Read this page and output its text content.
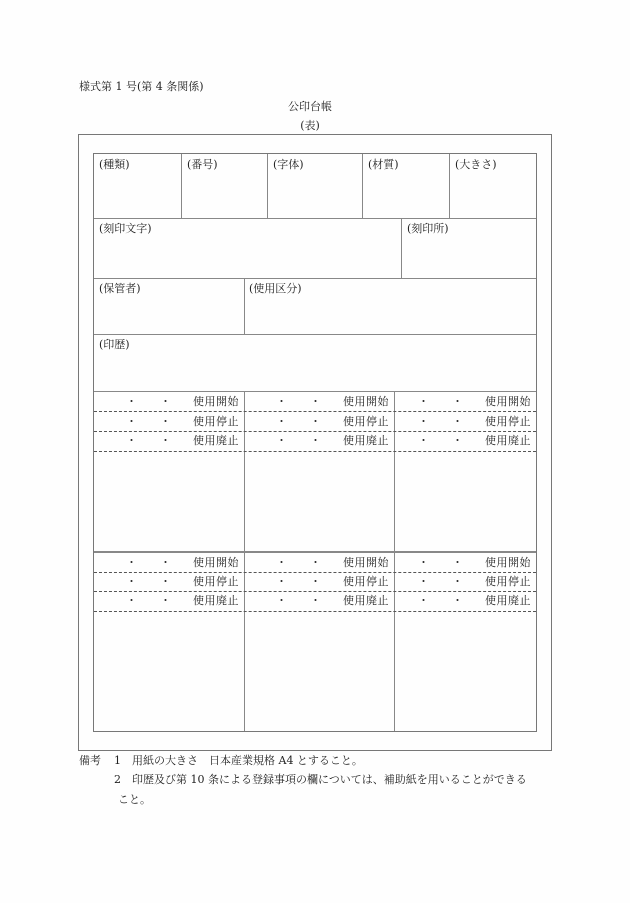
様式第 1 号(第 4 条関係)
公印台帳
(表)
(種類)	(番号)	(字体)	(材質)	(大きさ)
(刻印文字)	(刻印所)
(保管者)	(使用区分)
(印歴)
・ ・ 使用開始
・ ・ 使用停止
・ ・ 使用廃止
・ ・ 使用開始
・ ・ 使用停止
・ ・ 使用廃止
・ ・ 使用開始
・ ・ 使用停止
・ ・ 使用廃止
・ ・ 使用開始
・ ・ 使用停止
・ ・ 使用廃止
・ ・ 使用開始
・ ・ 使用停止
・ ・ 使用廃止
・ ・ 使用開始
・ ・ 使用停止
・ ・ 使用廃止
備考 1 用紙の大きさ　日本産業規格 A4 とすること。
2 印歴及び第 10 条による登録事項の欄については、補助紙を用いることができる
こと。
